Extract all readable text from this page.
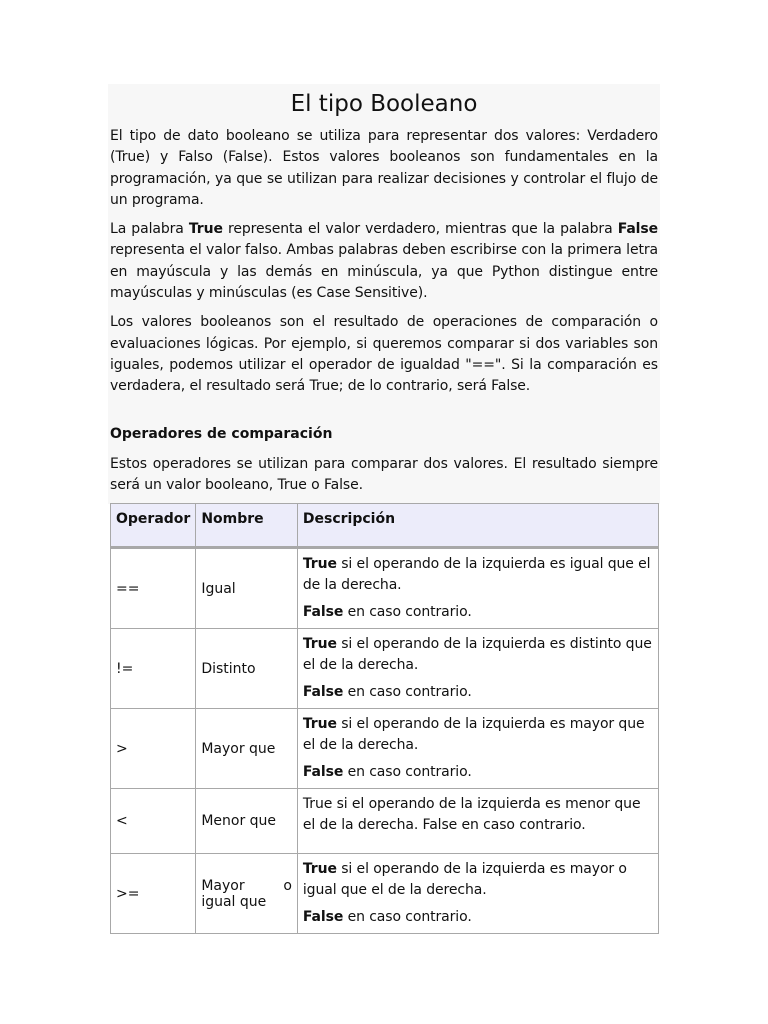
El tipo Booleano

El tipo de dato booleano se utiliza para representar dos valores: Verdadero (True) y Falso (False). Estos valores booleanos son fundamentales en la programación, ya que se utilizan para realizar decisiones y controlar el flujo de un programa.

La palabra True representa el valor verdadero, mientras que la palabra False representa el valor falso. Ambas palabras deben escribirse con la primera letra en mayúscula y las demás en minúscula, ya que Python distingue entre mayúsculas y minúsculas (es Case Sensitive).

Los valores booleanos son el resultado de operaciones de comparación o evaluaciones lógicas. Por ejemplo, si queremos comparar si dos variables son iguales, podemos utilizar el operador de igualdad "==". Si la comparación es verdadera, el resultado será True; de lo contrario, será False.

Operadores de comparación

Estos operadores se utilizan para comparar dos valores. El resultado siempre será un valor booleano, True o False.

Operador	Nombre	Descripción
==	Igual	True si el operando de la izquierda es igual que el de la derecha.

False en caso contrario.

!=	Distinto	True si el operando de la izquierda es distinto que el de la derecha.

False en caso contrario.

>	Mayor que	True si el operando de la izquierda es mayor que el de la derecha.

False en caso contrario.

<	Menor que	True si el operando de la izquierda es menor que el de la derecha. False en caso contrario.

>=	Mayor o igual que	True si el operando de la izquierda es mayor o igual que el de la derecha.

False en caso contrario.
